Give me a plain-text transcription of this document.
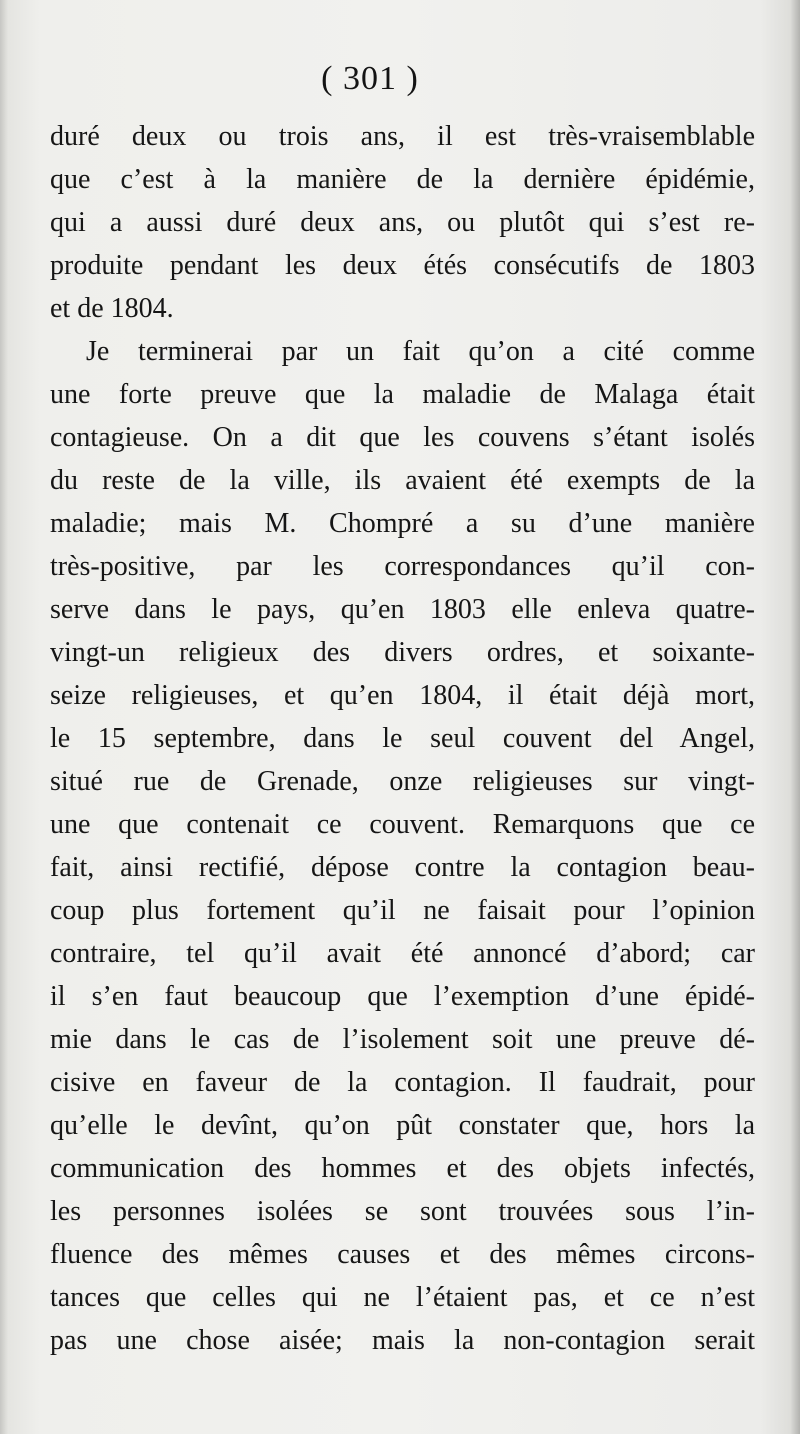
( 301 )
duré deux ou trois ans, il est très-vraisemblable
que c’est à la manière de la dernière épidémie,
qui a aussi duré deux ans, ou plutôt qui s’est re-
produite pendant les deux étés consécutifs de 1803
et de 1804.
Je terminerai par un fait qu’on a cité comme
une forte preuve que la maladie de Malaga était
contagieuse. On a dit que les couvens s’étant isolés
du reste de la ville, ils avaient été exempts de la
maladie; mais M. Chompré a su d’une manière
très-positive, par les correspondances qu’il con-
serve dans le pays, qu’en 1803 elle enleva quatre-
vingt-un religieux des divers ordres, et soixante-
seize religieuses, et qu’en 1804, il était déjà mort,
le 15 septembre, dans le seul couvent del Angel,
situé rue de Grenade, onze religieuses sur vingt-
une que contenait ce couvent. Remarquons que ce
fait, ainsi rectifié, dépose contre la contagion beau-
coup plus fortement qu’il ne faisait pour l’opinion
contraire, tel qu’il avait été annoncé d’abord; car
il s’en faut beaucoup que l’exemption d’une épidé-
mie dans le cas de l’isolement soit une preuve dé-
cisive en faveur de la contagion. Il faudrait, pour
qu’elle le devînt, qu’on pût constater que, hors la
communication des hommes et des objets infectés,
les personnes isolées se sont trouvées sous l’in-
fluence des mêmes causes et des mêmes circons-
tances que celles qui ne l’étaient pas, et ce n’est
pas une chose aisée; mais la non-contagion serait
